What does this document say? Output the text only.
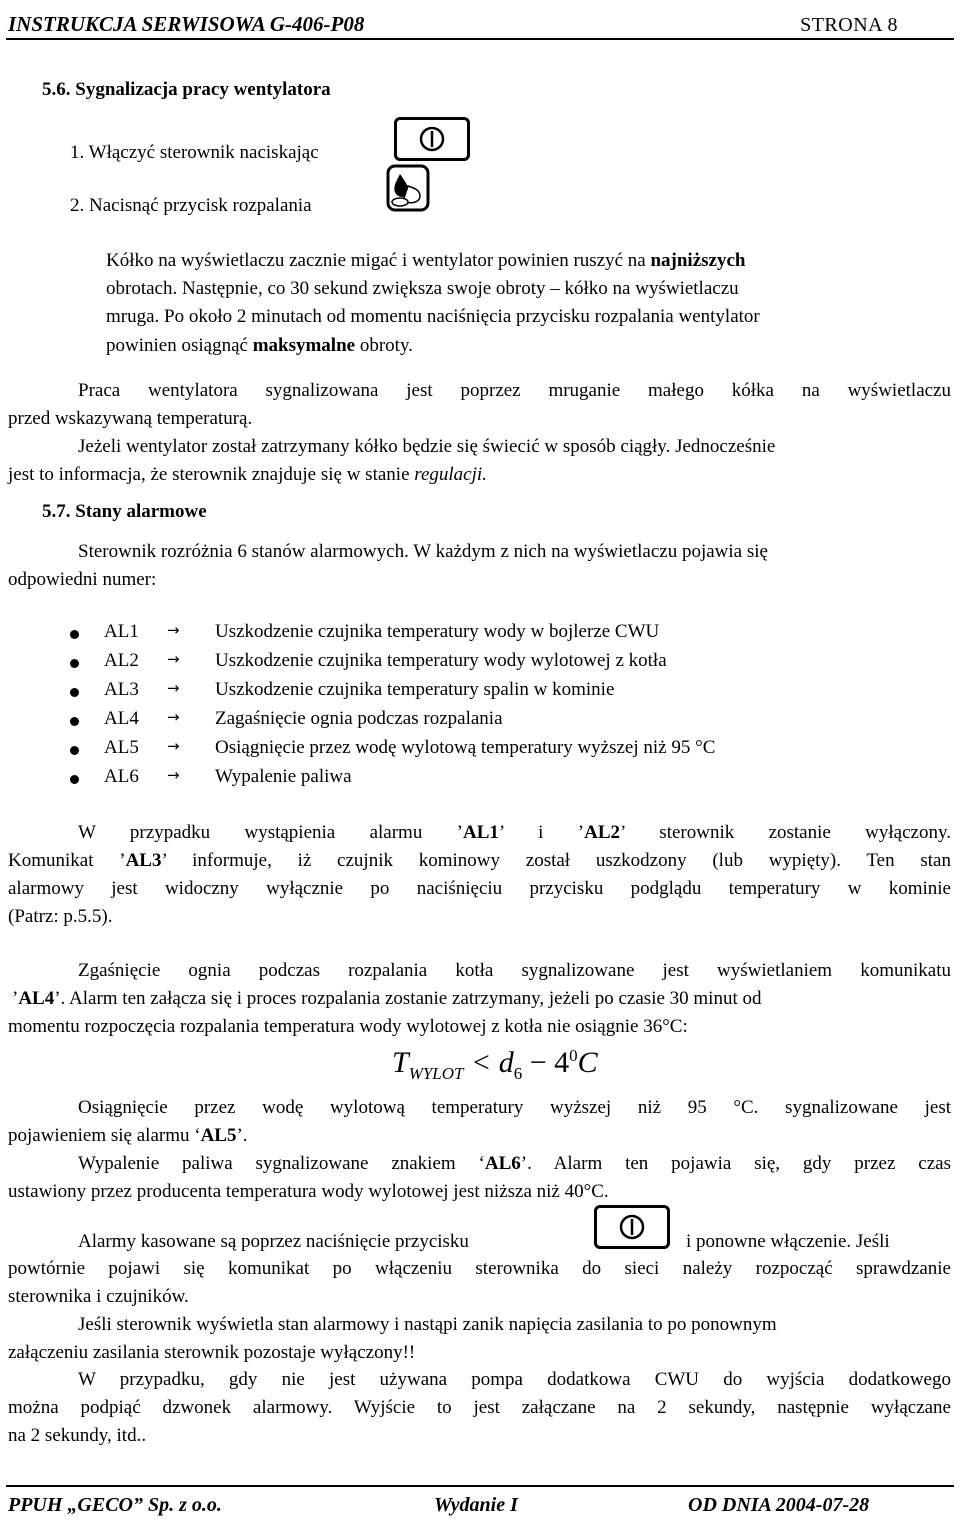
INSTRUKCJA SERWISOWA G-406-P08	STRONA 8
5.6. Sygnalizacja pracy wentylatora
1. Włączyć sterownik naciskając
2. Nacisnąć przycisk rozpalania
Kółko na wyświetlaczu zacznie migać i wentylator powinien ruszyć na najniższych
obrotach. Następnie, co 30 sekund zwiększa swoje obroty – kółko na wyświetlaczu
mruga. Po około 2 minutach od momentu naciśnięcia przycisku rozpalania wentylator
powinien osiągnąć maksymalne obroty.
Praca wentylatora sygnalizowana jest poprzez mruganie małego kółka na wyświetlaczu
przed wskazywaną temperaturą.
Jeżeli wentylator został zatrzymany kółko będzie się świecić w sposób ciągły. Jednocześnie
jest to informacja, że sterownik znajduje się w stanie regulacji.
5.7. Stany alarmowe
Sterownik rozróżnia 6 stanów alarmowych. W każdym z nich na wyświetlaczu pojawia się
odpowiedni numer:
AL1 → Uszkodzenie czujnika temperatury wody w bojlerze CWU
AL2 → Uszkodzenie czujnika temperatury wody wylotowej z kotła
AL3 → Uszkodzenie czujnika temperatury spalin w kominie
AL4 → Zagaśnięcie ognia podczas rozpalania
AL5 → Osiągnięcie przez wodę wylotową temperatury wyższej niż 95 °C
AL6 → Wypalenie paliwa
W przypadku wystąpienia alarmu ’AL1’ i ’AL2’ sterownik zostanie wyłączony.
Komunikat ’AL3’ informuje, iż czujnik kominowy został uszkodzony (lub wypięty). Ten stan
alarmowy jest widoczny wyłącznie po naciśnięciu przycisku podglądu temperatury w kominie
(Patrz: p.5.5).
Zgaśnięcie ognia podczas rozpalania kotła sygnalizowane jest wyświetlaniem komunikatu
’AL4’. Alarm ten załącza się i proces rozpalania zostanie zatrzymany, jeżeli po czasie 30 minut od
momentu rozpoczęcia rozpalania temperatura wody wylotowej z kotła nie osiągnie 36°C:
$T_{WYLOT} < d_6 - 4^0C$
Osiągnięcie przez wodę wylotową temperatury wyższej niż 95 °C. sygnalizowane jest
pojawieniem się alarmu ‘AL5’.
Wypalenie paliwa sygnalizowane znakiem ‘AL6’. Alarm ten pojawia się, gdy przez czas
ustawiony przez producenta temperatura wody wylotowej jest niższa niż 40°C.
Alarmy kasowane są poprzez naciśnięcie przycisku	i ponowne włączenie. Jeśli
powtórnie pojawi się komunikat po włączeniu sterownika do sieci należy rozpocząć sprawdzanie
sterownika i czujników.
Jeśli sterownik wyświetla stan alarmowy i nastąpi zanik napięcia zasilania to po ponownym
załączeniu zasilania sterownik pozostaje wyłączony!!
W przypadku, gdy nie jest używana pompa dodatkowa CWU do wyjścia dodatkowego
można podpiąć dzwonek alarmowy. Wyjście to jest załączane na 2 sekundy, następnie wyłączane
na 2 sekundy, itd..
PPUH „GECO” Sp. z o.o.	Wydanie I	OD DNIA 2004-07-28
